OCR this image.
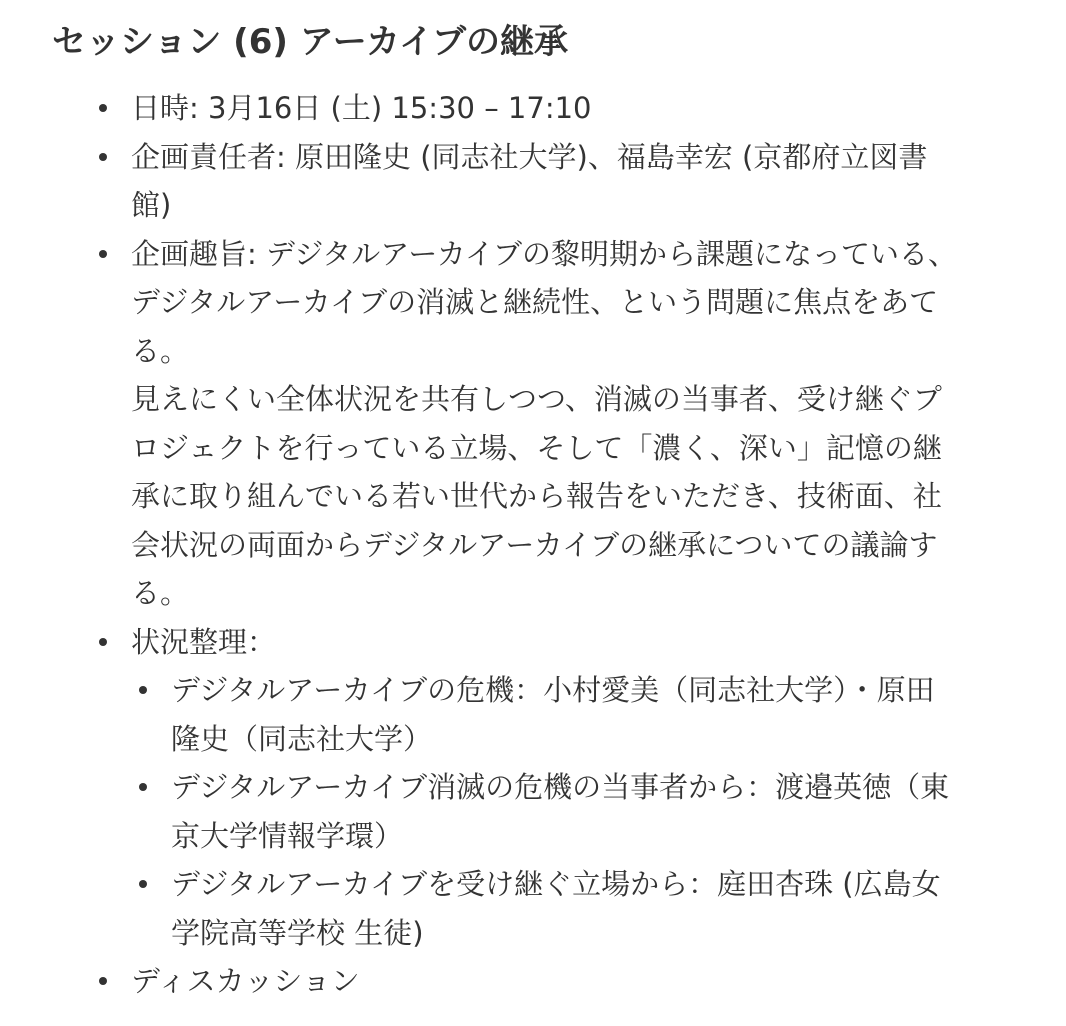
セッション (6) アーカイブの継承
日時: 3月16日 (土) 15:30 – 17:10
企画責任者: 原田隆史 (同志社大学)、福島幸宏 (京都府立図書館)
企画趣旨: デジタルアーカイブの黎明期から課題になっている、デジタルアーカイブの消滅と継続性、という問題に焦点をあてる。
見えにくい全体状況を共有しつつ、消滅の当事者、受け継ぐプロジェクトを行っている立場、そして「濃く、深い」記憶の継承に取り組んでいる若い世代から報告をいただき、技術面、社会状況の両面からデジタルアーカイブの継承についての議論する。
状況整理：
デジタルアーカイブの危機：小村愛美（同志社大学）・原田隆史（同志社大学）
デジタルアーカイブ消滅の危機の当事者から：渡邉英徳（東京大学情報学環）
デジタルアーカイブを受け継ぐ立場から：庭田杏珠 (広島女学院高等学校 生徒)
ディスカッション
